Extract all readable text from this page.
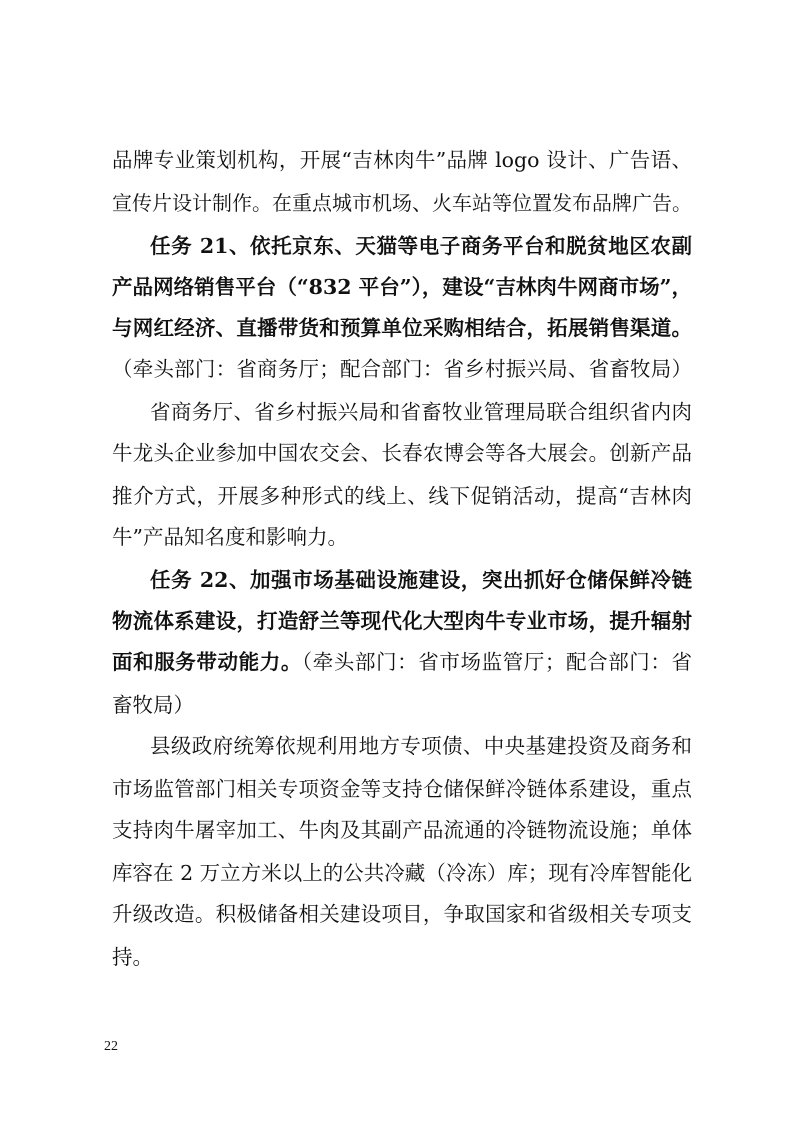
品牌专业策划机构，开展“吉林肉牛”品牌 logo 设计、广告语、
宣传片设计制作。在重点城市机场、火车站等位置发布品牌广告。
任务 21、依托京东、天猫等电子商务平台和脱贫地区农副
产品网络销售平台（“832 平台”），建设“吉林肉牛网商市场”，
与网红经济、直播带货和预算单位采购相结合，拓展销售渠道。
（牵头部门：省商务厅；配合部门：省乡村振兴局、省畜牧局）
省商务厅、省乡村振兴局和省畜牧业管理局联合组织省内肉
牛龙头企业参加中国农交会、长春农博会等各大展会。创新产品
推介方式，开展多种形式的线上、线下促销活动，提高“吉林肉
牛”产品知名度和影响力。
任务 22、加强市场基础设施建设，突出抓好仓储保鲜冷链
物流体系建设，打造舒兰等现代化大型肉牛专业市场，提升辐射
面和服务带动能力。（牵头部门：省市场监管厅；配合部门：省
畜牧局）
县级政府统筹依规利用地方专项债、中央基建投资及商务和
市场监管部门相关专项资金等支持仓储保鲜冷链体系建设，重点
支持肉牛屠宰加工、牛肉及其副产品流通的冷链物流设施；单体
库容在 2 万立方米以上的公共冷藏（冷冻）库；现有冷库智能化
升级改造。积极储备相关建设项目，争取国家和省级相关专项支
持。
22
